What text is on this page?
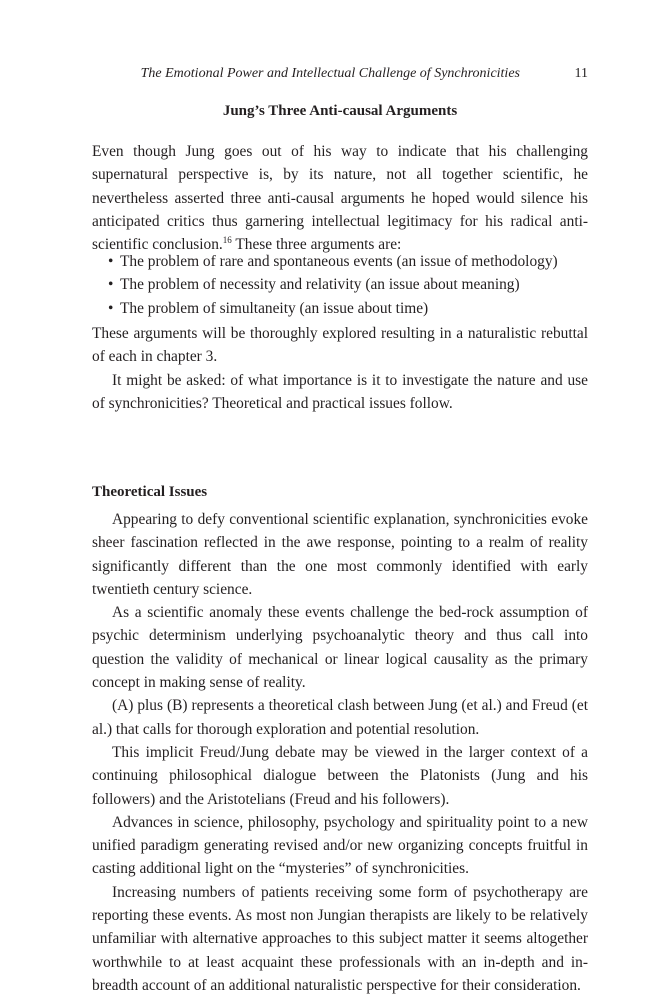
The Emotional Power and Intellectual Challenge of Synchronicities	11
Jung’s Three Anti-causal Arguments

Even though Jung goes out of his way to indicate that his challenging supernatural perspective is, by its nature, not all together scientific, he nevertheless asserted three anti-causal arguments he hoped would silence his anticipated critics thus garnering intellectual legitimacy for his radical anti-scientific conclusion.$^{16}$ These three arguments are:

• The problem of rare and spontaneous events (an issue of methodology)
• The problem of necessity and relativity (an issue about meaning)
• The problem of simultaneity (an issue about time)

These arguments will be thoroughly explored resulting in a naturalistic rebuttal of each in chapter 3.

It might be asked: of what importance is it to investigate the nature and use of synchronicities? Theoretical and practical issues follow.

Theoretical Issues

Appearing to defy conventional scientific explanation, synchronicities evoke sheer fascination reflected in the awe response, pointing to a realm of reality significantly different than the one most commonly identified with early twentieth century science.

As a scientific anomaly these events challenge the bed-rock assumption of psychic determinism underlying psychoanalytic theory and thus call into question the validity of mechanical or linear logical causality as the primary concept in making sense of reality.

(A) plus (B) represents a theoretical clash between Jung (et al.) and Freud (et al.) that calls for thorough exploration and potential resolution.

This implicit Freud/Jung debate may be viewed in the larger context of a continuing philosophical dialogue between the Platonists (Jung and his followers) and the Aristotelians (Freud and his followers).

Advances in science, philosophy, psychology and spirituality point to a new unified paradigm generating revised and/or new organizing concepts fruitful in casting additional light on the “mysteries” of synchronicities.

Increasing numbers of patients receiving some form of psychotherapy are reporting these events. As most non Jungian therapists are likely to be relatively unfamiliar with alternative approaches to this subject matter it seems altogether worthwhile to at least acquaint these professionals with an in-depth and in-breadth account of an additional naturalistic perspective for their consideration.
